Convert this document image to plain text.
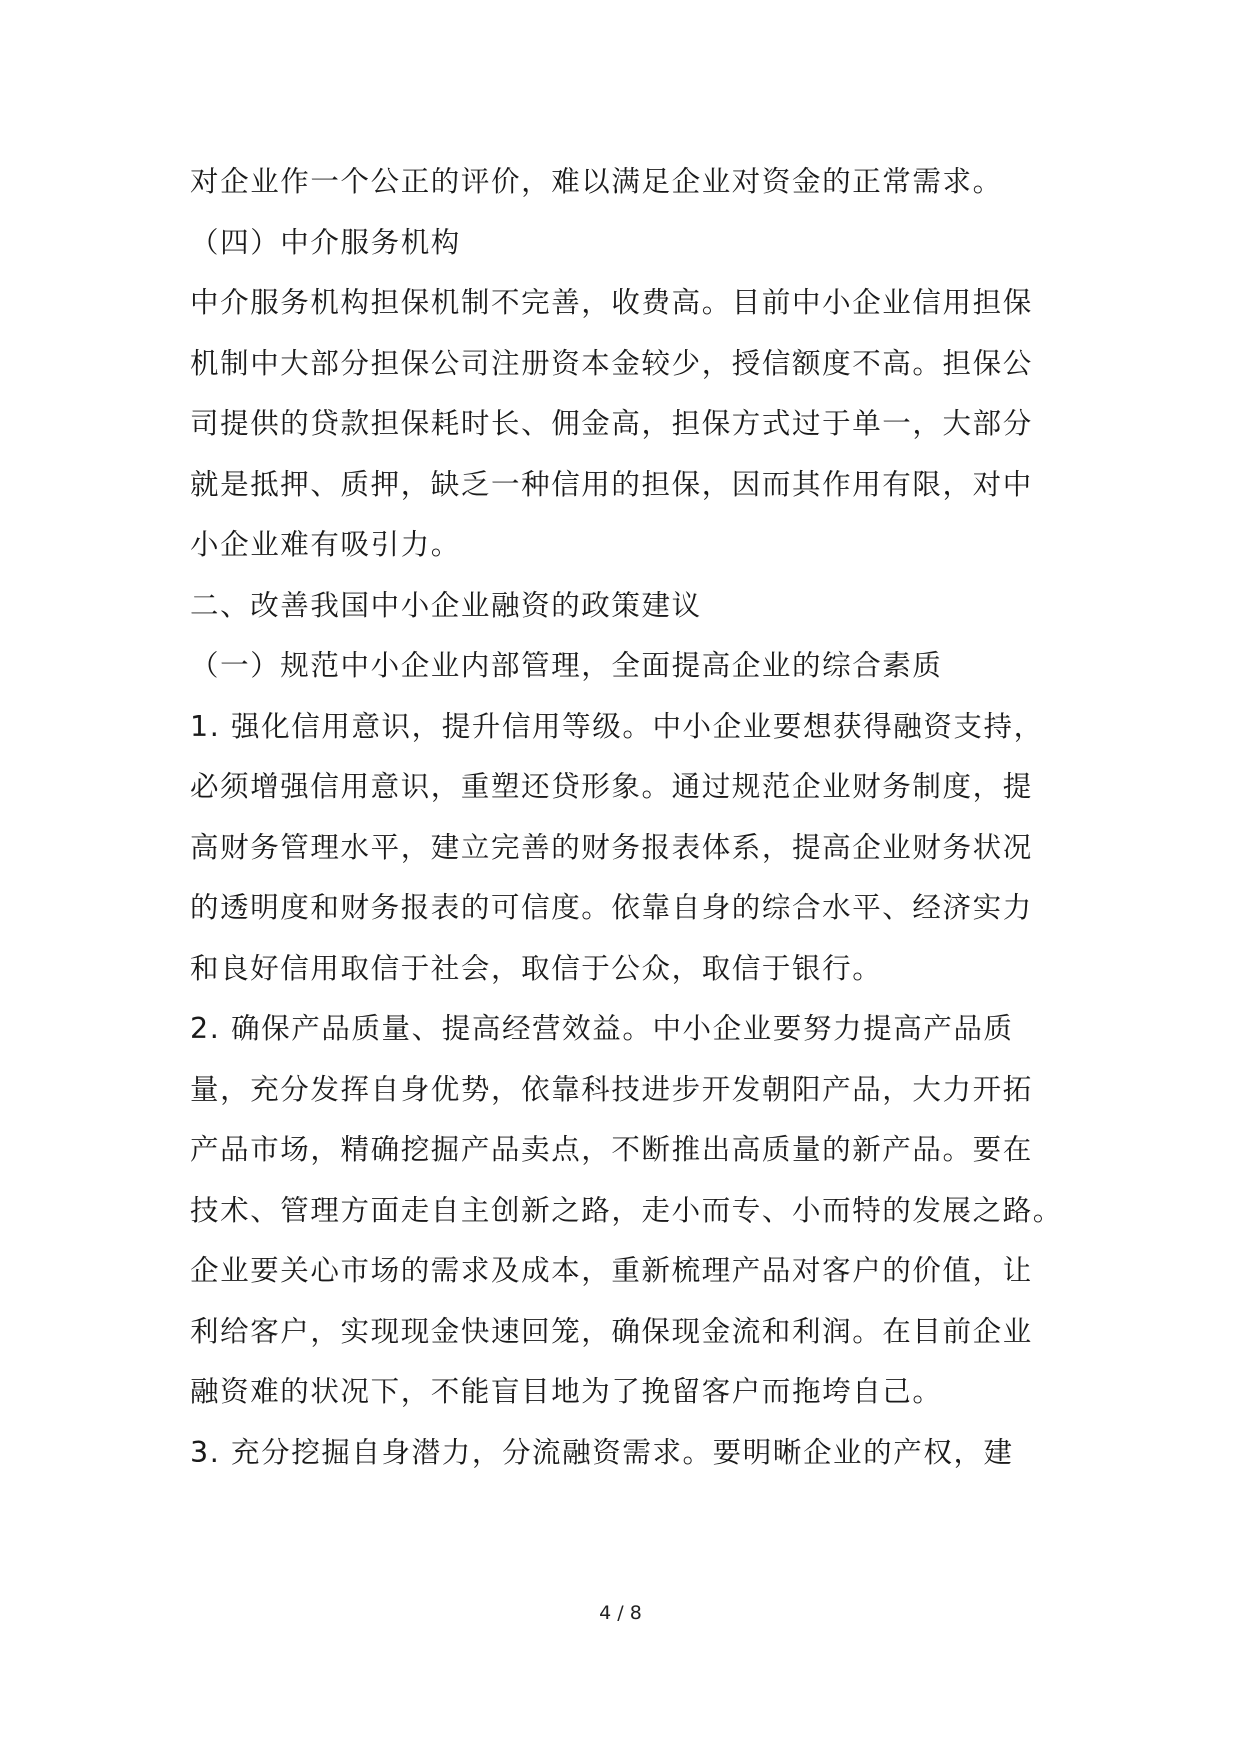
对企业作一个公正的评价，难以满足企业对资金的正常需求。
（四）中介服务机构
中介服务机构担保机制不完善，收费高。目前中小企业信用担保
机制中大部分担保公司注册资本金较少，授信额度不高。担保公
司提供的贷款担保耗时长、佣金高，担保方式过于单一，大部分
就是抵押、质押，缺乏一种信用的担保，因而其作用有限，对中
小企业难有吸引力。
二、改善我国中小企业融资的政策建议
（一）规范中小企业内部管理，全面提高企业的综合素质
1. 强化信用意识，提升信用等级。中小企业要想获得融资支持，
必须增强信用意识，重塑还贷形象。通过规范企业财务制度，提
高财务管理水平，建立完善的财务报表体系，提高企业财务状况
的透明度和财务报表的可信度。依靠自身的综合水平、经济实力
和良好信用取信于社会，取信于公众，取信于银行。
2. 确保产品质量、提高经营效益。中小企业要努力提高产品质
量，充分发挥自身优势，依靠科技进步开发朝阳产品，大力开拓
产品市场，精确挖掘产品卖点，不断推出高质量的新产品。要在
技术、管理方面走自主创新之路，走小而专、小而特的发展之路。
企业要关心市场的需求及成本，重新梳理产品对客户的价值，让
利给客户，实现现金快速回笼，确保现金流和利润。在目前企业
融资难的状况下，不能盲目地为了挽留客户而拖垮自己。
3. 充分挖掘自身潜力，分流融资需求。要明晰企业的产权，建
4 / 8
